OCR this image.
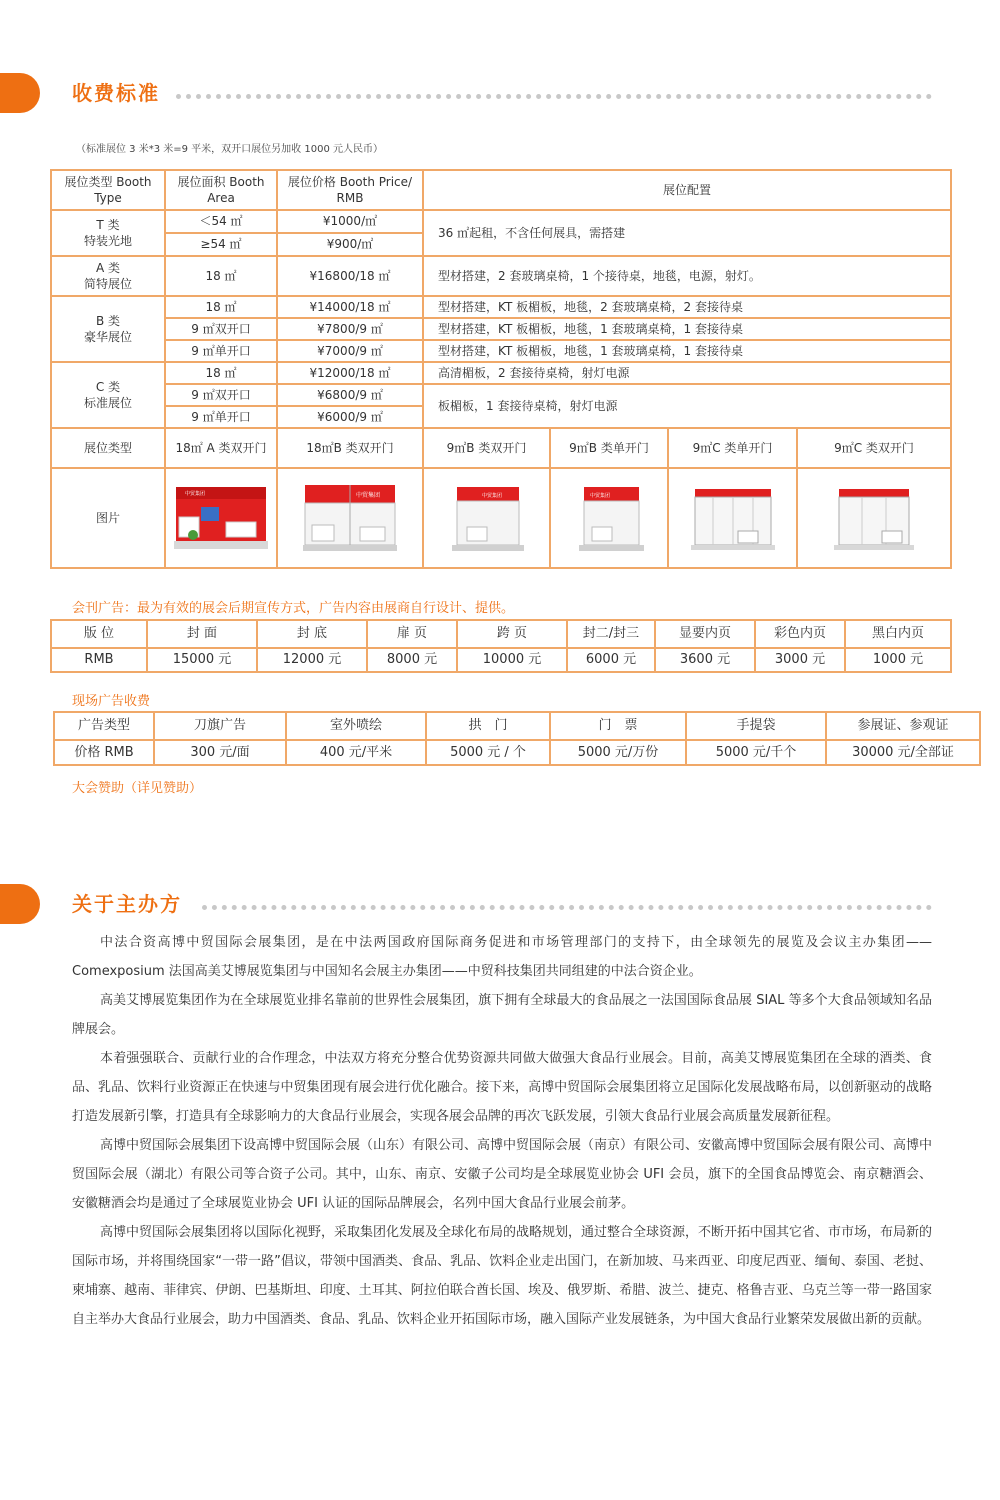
收费标准
（标准展位 3 米*3 米=9 平米，双开口展位另加收 1000 元人民币）
展位类型 Booth Type	展位面积 Booth Area	展位价格 Booth Price/ RMB	展位配置			
T 类
特装光地	＜54 ㎡	¥1000/㎡	36 ㎡起租，不含任何展具，需搭建			
	≥54 ㎡	¥900/㎡				
A 类
简特展位	18 ㎡	¥16800/18 ㎡	型材搭建，2 套玻璃桌椅，1 个接待桌，地毯，电源，射灯。			
B 类
豪华展位	18 ㎡	¥14000/18 ㎡	型材搭建，KT 板楣板，地毯，2 套玻璃桌椅，2 套接待桌			
	9 ㎡双开口	¥7800/9 ㎡	型材搭建，KT 板楣板，地毯，1 套玻璃桌椅，1 套接待桌			
	9 ㎡单开口	¥7000/9 ㎡	型材搭建，KT 板楣板，地毯，1 套玻璃桌椅，1 套接待桌			
C 类
标准展位	18 ㎡	¥12000/18 ㎡	高清楣板，2 套接待桌椅，射灯电源			
	9 ㎡双开口	¥6800/9 ㎡	板楣板，1 套接待桌椅，射灯电源			
	9 ㎡单开口	¥6000/9 ㎡				
展位类型	18㎡ A 类双开门	18㎡B 类双开门	9㎡B 类双开门	9㎡B 类单开门	9㎡C 类单开门	9㎡C 类双开门
图片	中贸集团	中贸集团	中贸集团	中贸集团

会刊广告：最为有效的展会后期宣传方式，广告内容由展商自行设计、提供。
版 位	封 面	封 底	扉 页	跨 页	封二/封三	显要内页	彩色内页	黑白内页
RMB	15000 元	12000 元	8000 元	10000 元	6000 元	3600 元	3000 元	1000 元
现场广告收费
广告类型	刀旗广告	室外喷绘	拱　门	门　票	手提袋	参展证、参观证
价格 RMB	300 元/面	400 元/平米	5000 元 / 个	5000 元/万份	5000 元/千个	30000 元/全部证
大会赞助（详见赞助）
关于主办方

中法合资高博中贸国际会展集团，是在中法两国政府国际商务促进和市场管理部门的支持下，由全球领先的展览及会议主办集团——Comexposium 法国高美艾博展览集团与中国知名会展主办集团——中贸科技集团共同组建的中法合资企业。

高美艾博展览集团作为在全球展览业排名靠前的世界性会展集团，旗下拥有全球最大的食品展之一法国国际食品展 SIAL 等多个大食品领域知名品牌展会。

本着强强联合、贡献行业的合作理念，中法双方将充分整合优势资源共同做大做强大食品行业展会。目前，高美艾博展览集团在全球的酒类、食品、乳品、饮料行业资源正在快速与中贸集团现有展会进行优化融合。接下来，高博中贸国际会展集团将立足国际化发展战略布局，以创新驱动的战略打造发展新引擎，打造具有全球影响力的大食品行业展会，实现各展会品牌的再次飞跃发展，引领大食品行业展会高质量发展新征程。

高博中贸国际会展集团下设高博中贸国际会展（山东）有限公司、高博中贸国际会展（南京）有限公司、安徽高博中贸国际会展有限公司、高博中贸国际会展（湖北）有限公司等合资子公司。其中，山东、南京、安徽子公司均是全球展览业协会 UFI 会员，旗下的全国食品博览会、南京糖酒会、安徽糖酒会均是通过了全球展览业协会 UFI 认证的国际品牌展会，名列中国大食品行业展会前茅。

高博中贸国际会展集团将以国际化视野，采取集团化发展及全球化布局的战略规划，通过整合全球资源，不断开拓中国其它省、市市场，布局新的国际市场，并将围绕国家“一带一路”倡议，带领中国酒类、食品、乳品、饮料企业走出国门，在新加坡、马来西亚、印度尼西亚、缅甸、泰国、老挝、柬埔寨、越南、菲律宾、伊朗、巴基斯坦、印度、土耳其、阿拉伯联合酋长国、埃及、俄罗斯、希腊、波兰、捷克、格鲁吉亚、乌克兰等一带一路国家自主举办大食品行业展会，助力中国酒类、食品、乳品、饮料企业开拓国际市场，融入国际产业发展链条，为中国大食品行业繁荣发展做出新的贡献。
